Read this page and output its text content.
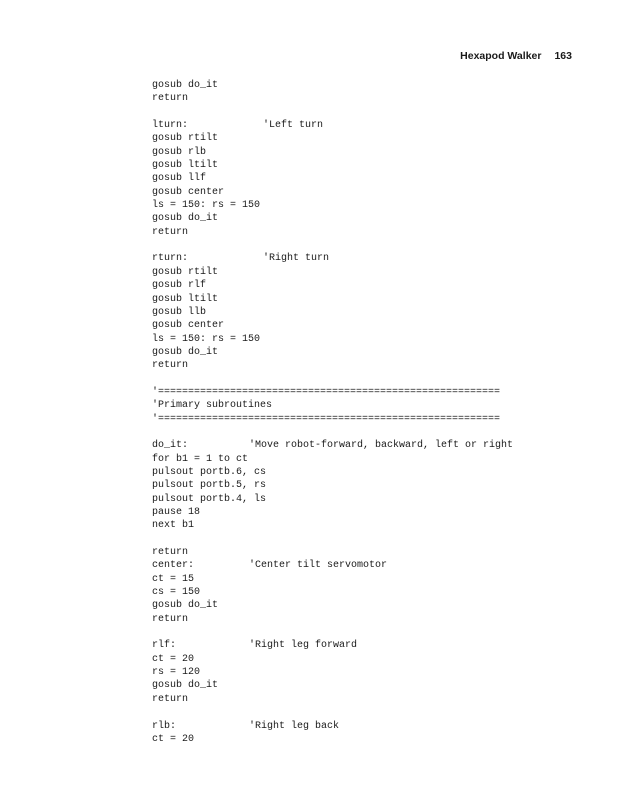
Hexapod Walker 163
gosub do_it
return
lturn:	'Left turn
gosub rtilt
gosub rlb
gosub ltilt
gosub llf
gosub center
ls = 150: rs = 150
gosub do_it
return
rturn:	'Right turn
gosub rtilt
gosub rlf
gosub ltilt
gosub llb
gosub center
ls = 150: rs = 150
gosub do_it
return
'=========================================================
'Primary subroutines
'=========================================================
do_it:	'Move robot-forward, backward, left or right
for b1 = 1 to ct
pulsout portb.6, cs
pulsout portb.5, rs
pulsout portb.4, ls
pause 18
next b1
return
center:	'Center tilt servomotor
ct = 15
cs = 150
gosub do_it
return
rlf:	'Right leg forward
ct = 20
rs = 120
gosub do_it
return
rlb:	'Right leg back
ct = 20
